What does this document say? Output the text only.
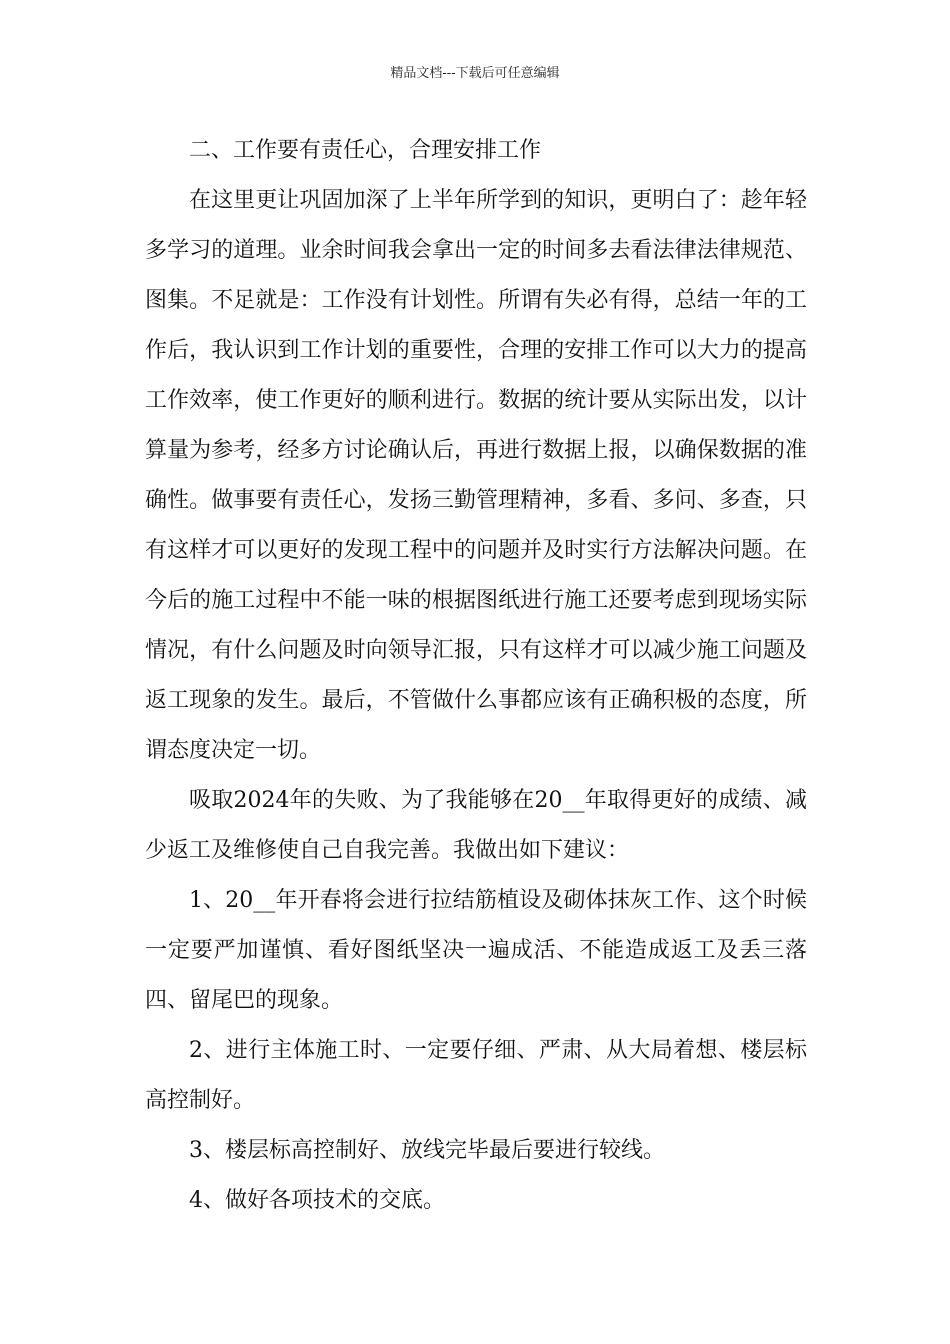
精品文档---下载后可任意编辑

二、工作要有责任心，合理安排工作

在这里更让巩固加深了上半年所学到的知识，更明白了：趁年轻多学习的道理。业余时间我会拿出一定的时间多去看法律法律规范、图集。不足就是：工作没有计划性。所谓有失必有得，总结一年的工作后，我认识到工作计划的重要性，合理的安排工作可以大力的提高工作效率，使工作更好的顺利进行。数据的统计要从实际出发，以计算量为参考，经多方讨论确认后，再进行数据上报，以确保数据的准确性。做事要有责任心，发扬三勤管理精神，多看、多问、多查，只有这样才可以更好的发现工程中的问题并及时实行方法解决问题。在今后的施工过程中不能一味的根据图纸进行施工还要考虑到现场实际情况，有什么问题及时向领导汇报，只有这样才可以减少施工问题及返工现象的发生。最后，不管做什么事都应该有正确积极的态度，所谓态度决定一切。

吸取2024年的失败、为了我能够在20__年取得更好的成绩、减少返工及维修使自己自我完善。我做出如下建议：

1、20__年开春将会进行拉结筋植设及砌体抹灰工作、这个时候一定要严加谨慎、看好图纸坚决一遍成活、不能造成返工及丢三落四、留尾巴的现象。

2、进行主体施工时、一定要仔细、严肃、从大局着想、楼层标高控制好。

3、楼层标高控制好、放线完毕最后要进行较线。

4、做好各项技术的交底。
